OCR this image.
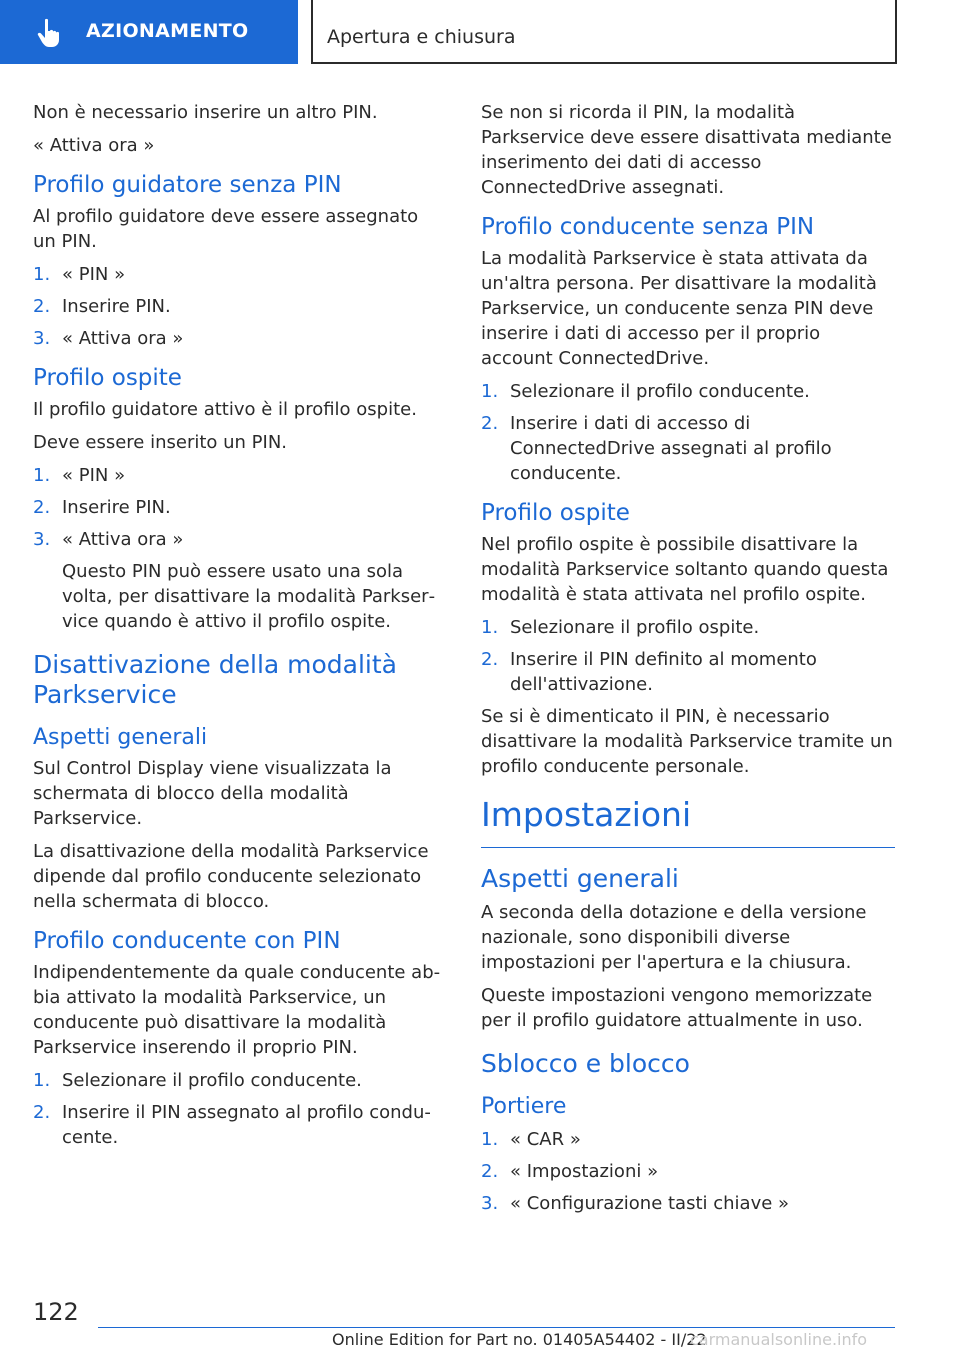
AZIONAMENTO	Apertura e chiusura

Non è necessario inserire un altro PIN.

« Attiva ora »

Profilo guidatore senza PIN

Al profilo guidatore deve essere assegnato un PIN.

1. « PIN »
2. Inserire PIN.
3. « Attiva ora »
Profilo ospite

Il profilo guidatore attivo è il profilo ospite.

Deve essere inserito un PIN.

1. « PIN »
2. Inserire PIN.
3. « Attiva ora »

Questo PIN può essere usato una sola volta, per disattivare la modalità Parkservice quando è attivo il profilo ospite.

Disattivazione della modalità Parkservice
Aspetti generali

Sul Control Display viene visualizzata la schermata di blocco della modalità Parkservice.

La disattivazione della modalità Parkservice dipende dal profilo conducente selezionato nella schermata di blocco.

Profilo conducente con PIN

Indipendentemente da quale conducente abbia attivato la modalità Parkservice, un conducente può disattivare la modalità Parkservice inserendo il proprio PIN.

1. Selezionare il profilo conducente.
2. Inserire il PIN assegnato al profilo conducente.

Se non si ricorda il PIN, la modalità Parkservice deve essere disattivata mediante inserimento dei dati di accesso ConnectedDrive assegnati.

Profilo conducente senza PIN

La modalità Parkservice è stata attivata da un'altra persona. Per disattivare la modalità Parkservice, un conducente senza PIN deve inserire i dati di accesso per il proprio account ConnectedDrive.

1. Selezionare il profilo conducente.
2. Inserire i dati di accesso di ConnectedDrive assegnati al profilo conducente.
Profilo ospite

Nel profilo ospite è possibile disattivare la modalità Parkservice soltanto quando questa modalità è stata attivata nel profilo ospite.

1. Selezionare il profilo ospite.
2. Inserire il PIN definito al momento dell'attivazione.

Se si è dimenticato il PIN, è necessario disattivare la modalità Parkservice tramite un profilo conducente personale.

Impostazioni
Aspetti generali

A seconda della dotazione e della versione nazionale, sono disponibili diverse impostazioni per l'apertura e la chiusura.

Queste impostazioni vengono memorizzate per il profilo guidatore attualmente in uso.

Sblocco e blocco
Portiere
1. « CAR »
2. « Impostazioni »
3. « Configurazione tasti chiave »
122
Online Edition for Part no. 01405A54402 - II/22
carmanualsonline.info
